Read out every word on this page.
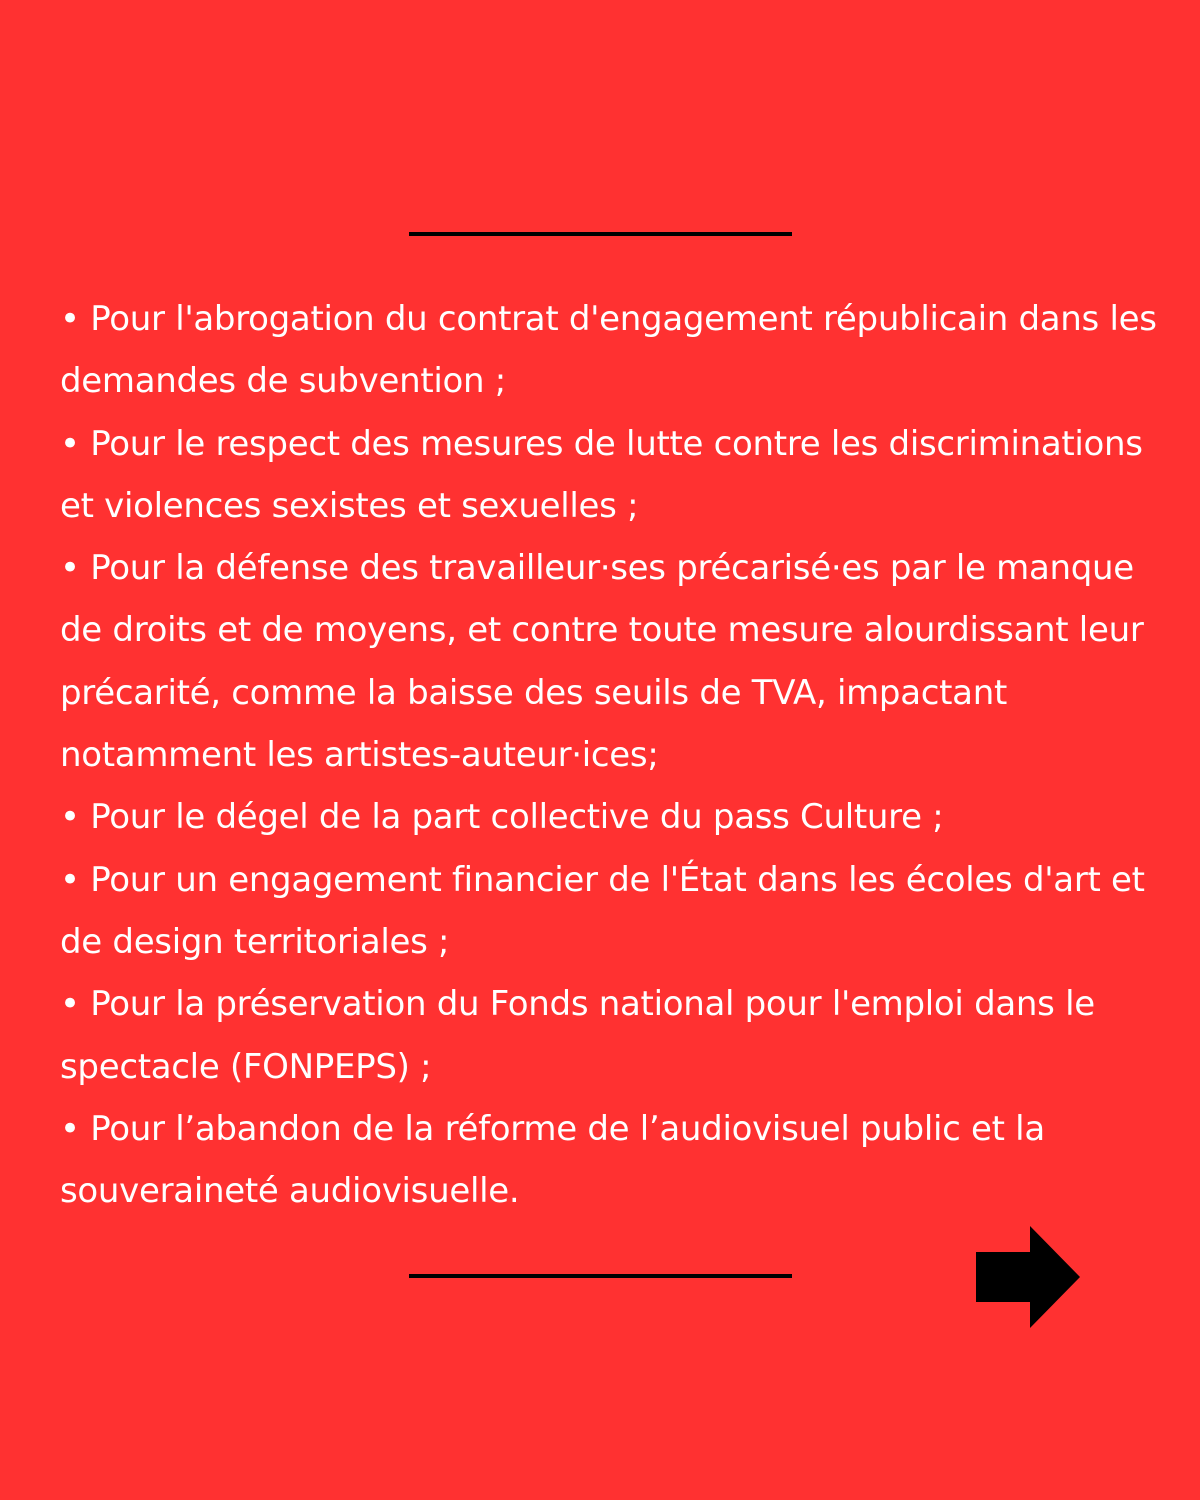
• Pour l'abrogation du contrat d'engagement républicain dans les demandes de subvention ;

• Pour le respect des mesures de lutte contre les discriminations et violences sexistes et sexuelles ;

• Pour la défense des travailleur·ses précarisé·es par le manque de droits et de moyens, et contre toute mesure alourdissant leur précarité, comme la baisse des seuils de TVA, impactant notamment les artistes-auteur·ices;

• Pour le dégel de la part collective du pass Culture ;

• Pour un engagement financier de l'État dans les écoles d'art et de design territoriales ;

• Pour la préservation du Fonds national pour l'emploi dans le spectacle (FONPEPS) ;

• Pour l’abandon de la réforme de l’audiovisuel public et la souveraineté audiovisuelle.
